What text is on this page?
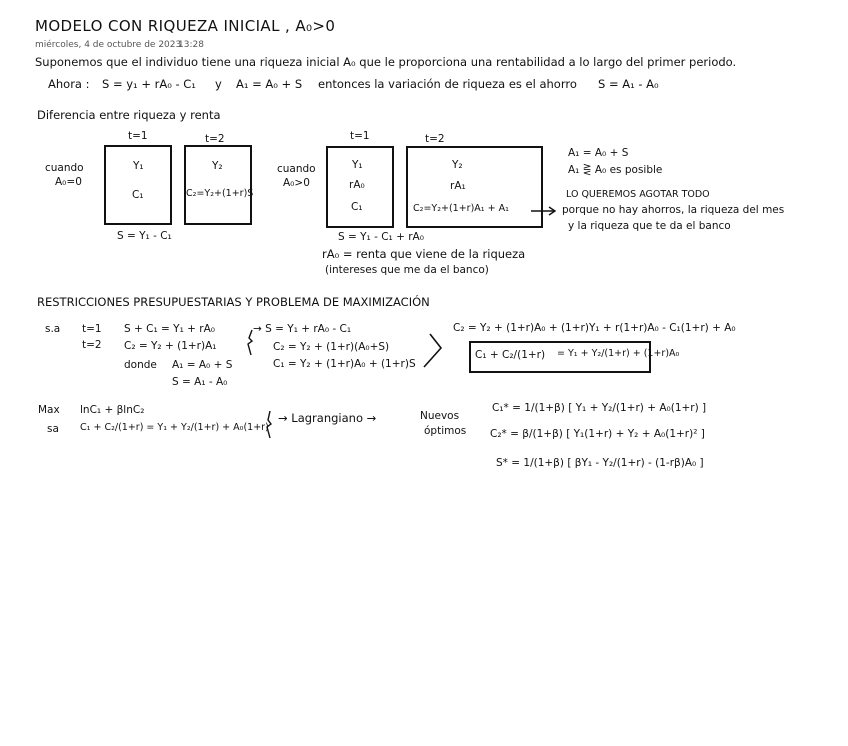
MODELO CON RIQUEZA INICIAL , A₀>0
miércoles, 4 de octubre de 2023
13:28
Suponemos que el individuo tiene una riqueza inicial A₀ que le proporciona una rentabilidad a lo largo del primer periodo.
Ahora : S = y₁ + rA₀ - C₁ y A₁ = A₀ + S entonces la variación de riqueza es el ahorro S = A₁ - A₀
Diferencia entre riqueza y renta
t=1	t=2
cuando
A₀=0
Y₁
C₁
Y₂
C₂=Y₂+(1+r)S
S = Y₁ - C₁
t=1	t=2
cuando
A₀>0
Y₁
rA₀
C₁
Y₂
rA₁
C₂=Y₂+(1+r)A₁ + A₁
S = Y₁ - C₁ + rA₀
rA₀ = renta que viene de la riqueza
(intereses que me da el banco)
A₁ = A₀ + S
A₁ ⋛ A₀ es posible
LO QUEREMOS AGOTAR TODO
porque no hay ahorros, la riqueza del mes
y la riqueza que te da el banco
RESTRICCIONES PRESUPUESTARIAS Y PROBLEMA DE MAXIMIZACIÓN
s.a t=1
t=2
S + C₁ = Y₁ + rA₀
C₂ = Y₂ + (1+r)A₁
donde A₁ = A₀ + S
S = A₁ - A₀
→ S = Y₁ + rA₀ - C₁
C₂ = Y₂ + (1+r)(A₀+S)
C₁ = Y₂ + (1+r)A₀ + (1+r)S
C₂ = Y₂ + (1+r)A₀ + (1+r)Y₁ + r(1+r)A₀ - C₁(1+r) + A₀
C₁ + C₂/(1+r) = Y₁ + Y₂/(1+r) + (1+r)A₀
Max lnC₁ + βlnC₂
sa C₁ + C₂/(1+r) = Y₁ + Y₂/(1+r) + A₀(1+r)
→ Lagrangiano →	Nuevos
óptimos
C₁* = 1/(1+β) [ Y₁ + Y₂/(1+r) + A₀(1+r) ]
C₂* = β/(1+β) [ Y₁(1+r) + Y₂ + A₀(1+r)² ]
S* = 1/(1+β) [ βY₁ - Y₂/(1+r) - (1-rβ)A₀ ]
